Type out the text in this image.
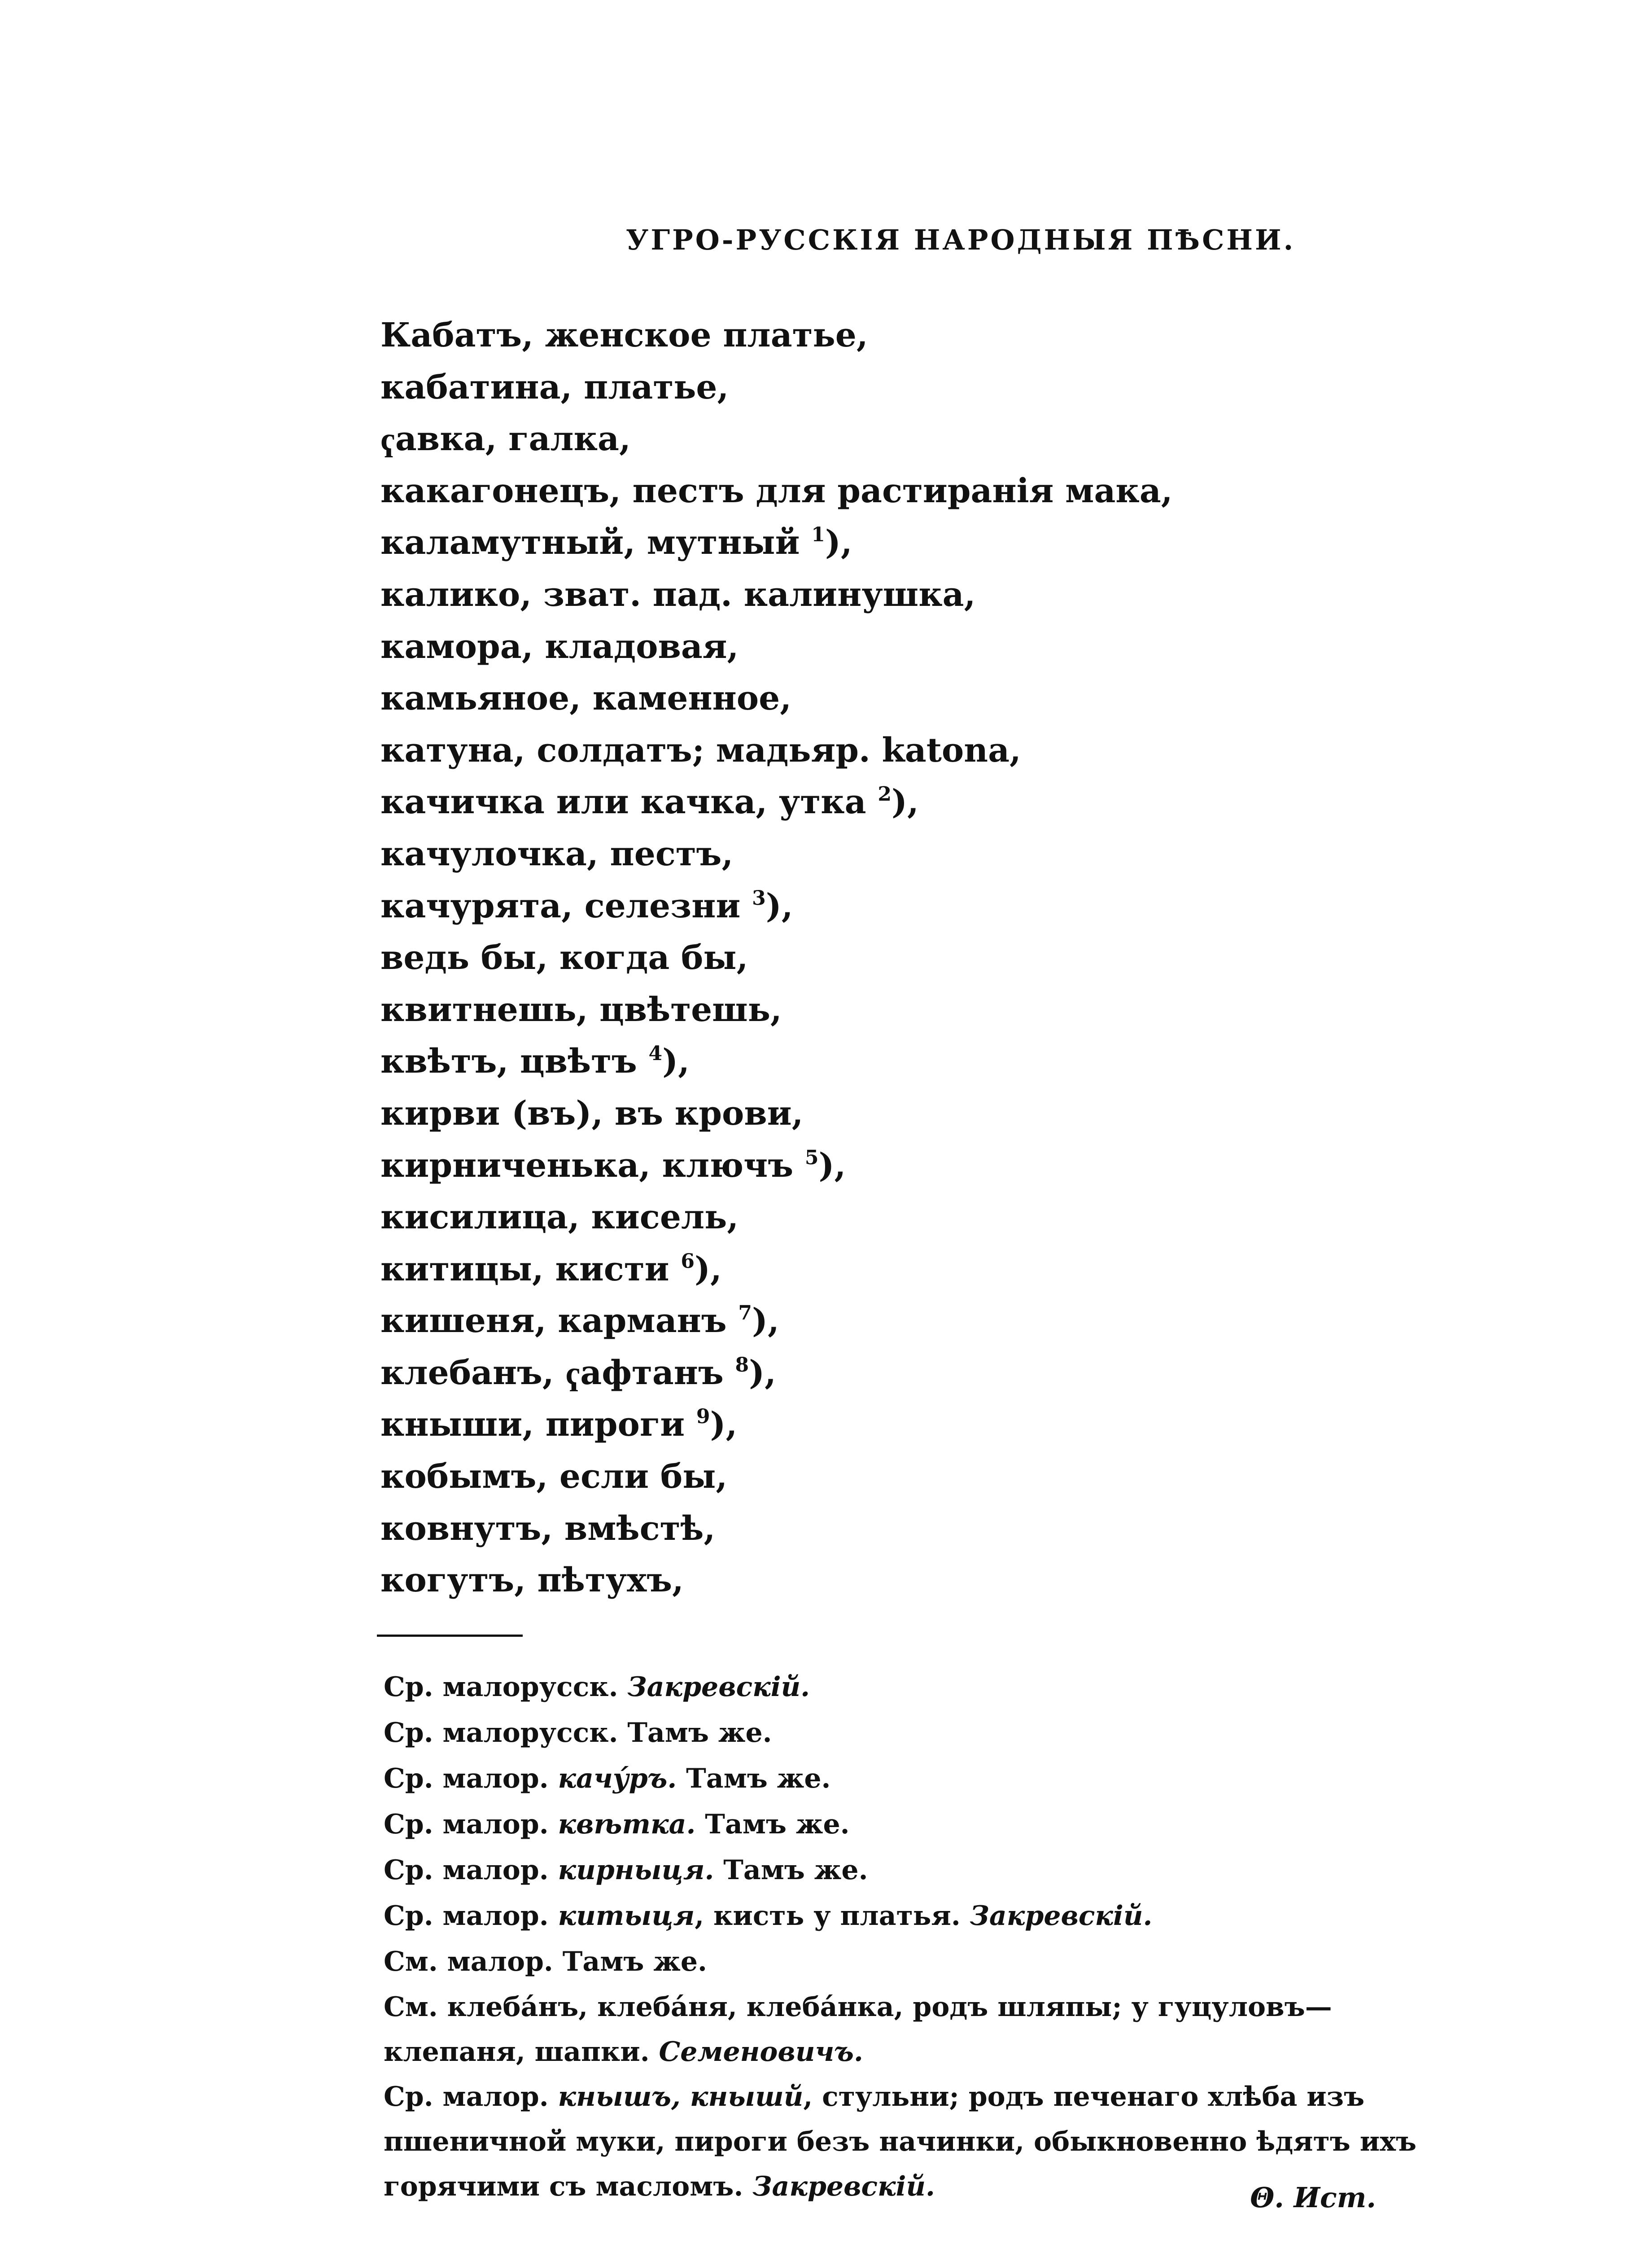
УГРО-РУССКІЯ НАРОДНЫЯ ПѢСНИ.
Кабатъ, женское платье,
кабатина, платье,
ҁавка, галка,
какагонецъ, пестъ для растиранія мака,
каламутный, мутный $^1$),
калико, зват. пад. калинушка,
камора, кладовая,
камьяное, каменное,
катуна, солдатъ; мадьяр. katona,
качичка или качка, утка $^2$),
качулочка, пестъ,
качурята, селезни $^3$),
ведь бы, когда бы,
квитнешь, цвѣтешь,
квѣтъ, цвѣтъ $^4$),
кирви (въ), въ крови,
кирниченька, ключъ $^5$),
кисилица, кисель,
китицы, кисти $^6$),
кишеня, карманъ $^7$),
клебанъ, ҁафтанъ $^8$),
кныши, пироги $^9$),
кобымъ, если бы,
ковнутъ, вмѣстѣ,
когутъ, пѣтухъ,
Ср. малорусск. Закревскій.
Ср. малорусск. Тамъ же.
Ср. малор. качу́ръ. Тамъ же.
Ср. малор. квѣтка. Тамъ же.
Ср. малор. кирныця. Тамъ же.
Ср. малор. китыця, кисть у платья. Закревскій.
См. малор. Тамъ же.
См. клеба́нъ, клеба́ня, клеба́нка, родъ шляпы; у гуцуловъ—клепаня, шапки. Семеновичъ.
Ср. малор. кнышъ, кнышй, стульни; родъ печенаго хлѣба изъ пшеничной муки, пироги безъ начинки, обыкновенно ѣдятъ ихъ горячими съ масломъ. Закревскій.	Θ. Ист.
